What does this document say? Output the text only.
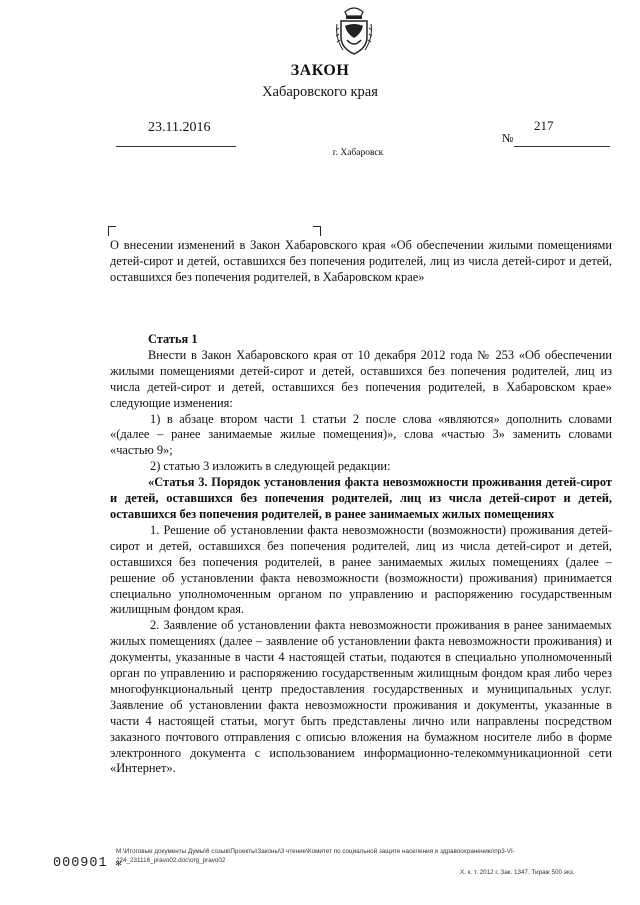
ЗАКОН
Хабаровского края
23.11.2016
№
217
г. Хабаровск
О внесении изменений в Закон Хабаровского края «Об обеспечении жилыми помещениями детей-сирот и детей, оставшихся без попечения родителей, лиц из числа детей-сирот и детей, оставшихся без попечения родителей, в Хабаровском крае»

Статья 1

Внести в Закон Хабаровского края от 10 декабря 2012 года № 253 «Об обеспечении жилыми помещениями детей-сирот и детей, оставшихся без попечения родителей, лиц из числа детей-сирот и детей, оставшихся без попечения родителей, в Хабаровском крае» следующие изменения:

1) в абзаце втором части 1 статьи 2 после слова «являются» дополнить словами «(далее – ранее занимаемые жилые помещения)», слова «частью 3» заменить словами «частью 9»;

2) статью 3 изложить в следующей редакции:

«Статья 3. Порядок установления факта невозможности проживания детей-сирот и детей, оставшихся без попечения родителей, лиц из числа детей-сирот и детей, оставшихся без попечения родителей, в ранее занимаемых жилых помещениях

1. Решение об установлении факта невозможности (возможности) проживания детей-сирот и детей, оставшихся без попечения родителей, лиц из числа детей-сирот и детей, оставшихся без попечения родителей, в ранее занимаемых жилых помещениях (далее – решение об установлении факта невозможности (возможности) проживания) принимается специально уполномоченным органом по управлению и распоряжению государственным жилищным фондом края.

2. Заявление об установлении факта невозможности проживания в ранее занимаемых жилых помещениях (далее – заявление об установлении факта невозможности проживания) и документы, указанные в части 4 настоящей статьи, подаются в специально уполномоченный орган по управлению и распоряжению государственным жилищным фондом края либо через многофункциональный центр предоставления государственных и муниципальных услуг. Заявление об установлении факта невозможности проживания и документы, указанные в части 4 настоящей статьи, могут быть представлены лично или направлены посредством заказного почтового отправления с описью вложения на бумажном носителе либо в форме электронного документа с использованием информационно-телекоммуникационной сети «Интернет».

M:\Итоговые документы Думы\6 созыв\Проекты\Законы\3 чтение\Комитет по социальной защите населения и здравоохранению\пр3-VI-224_231116_pravo02.doc\org_pravo02
Х. к. т. 2012 г. Зак. 1347. Тираж 500 экз.
000901 *
